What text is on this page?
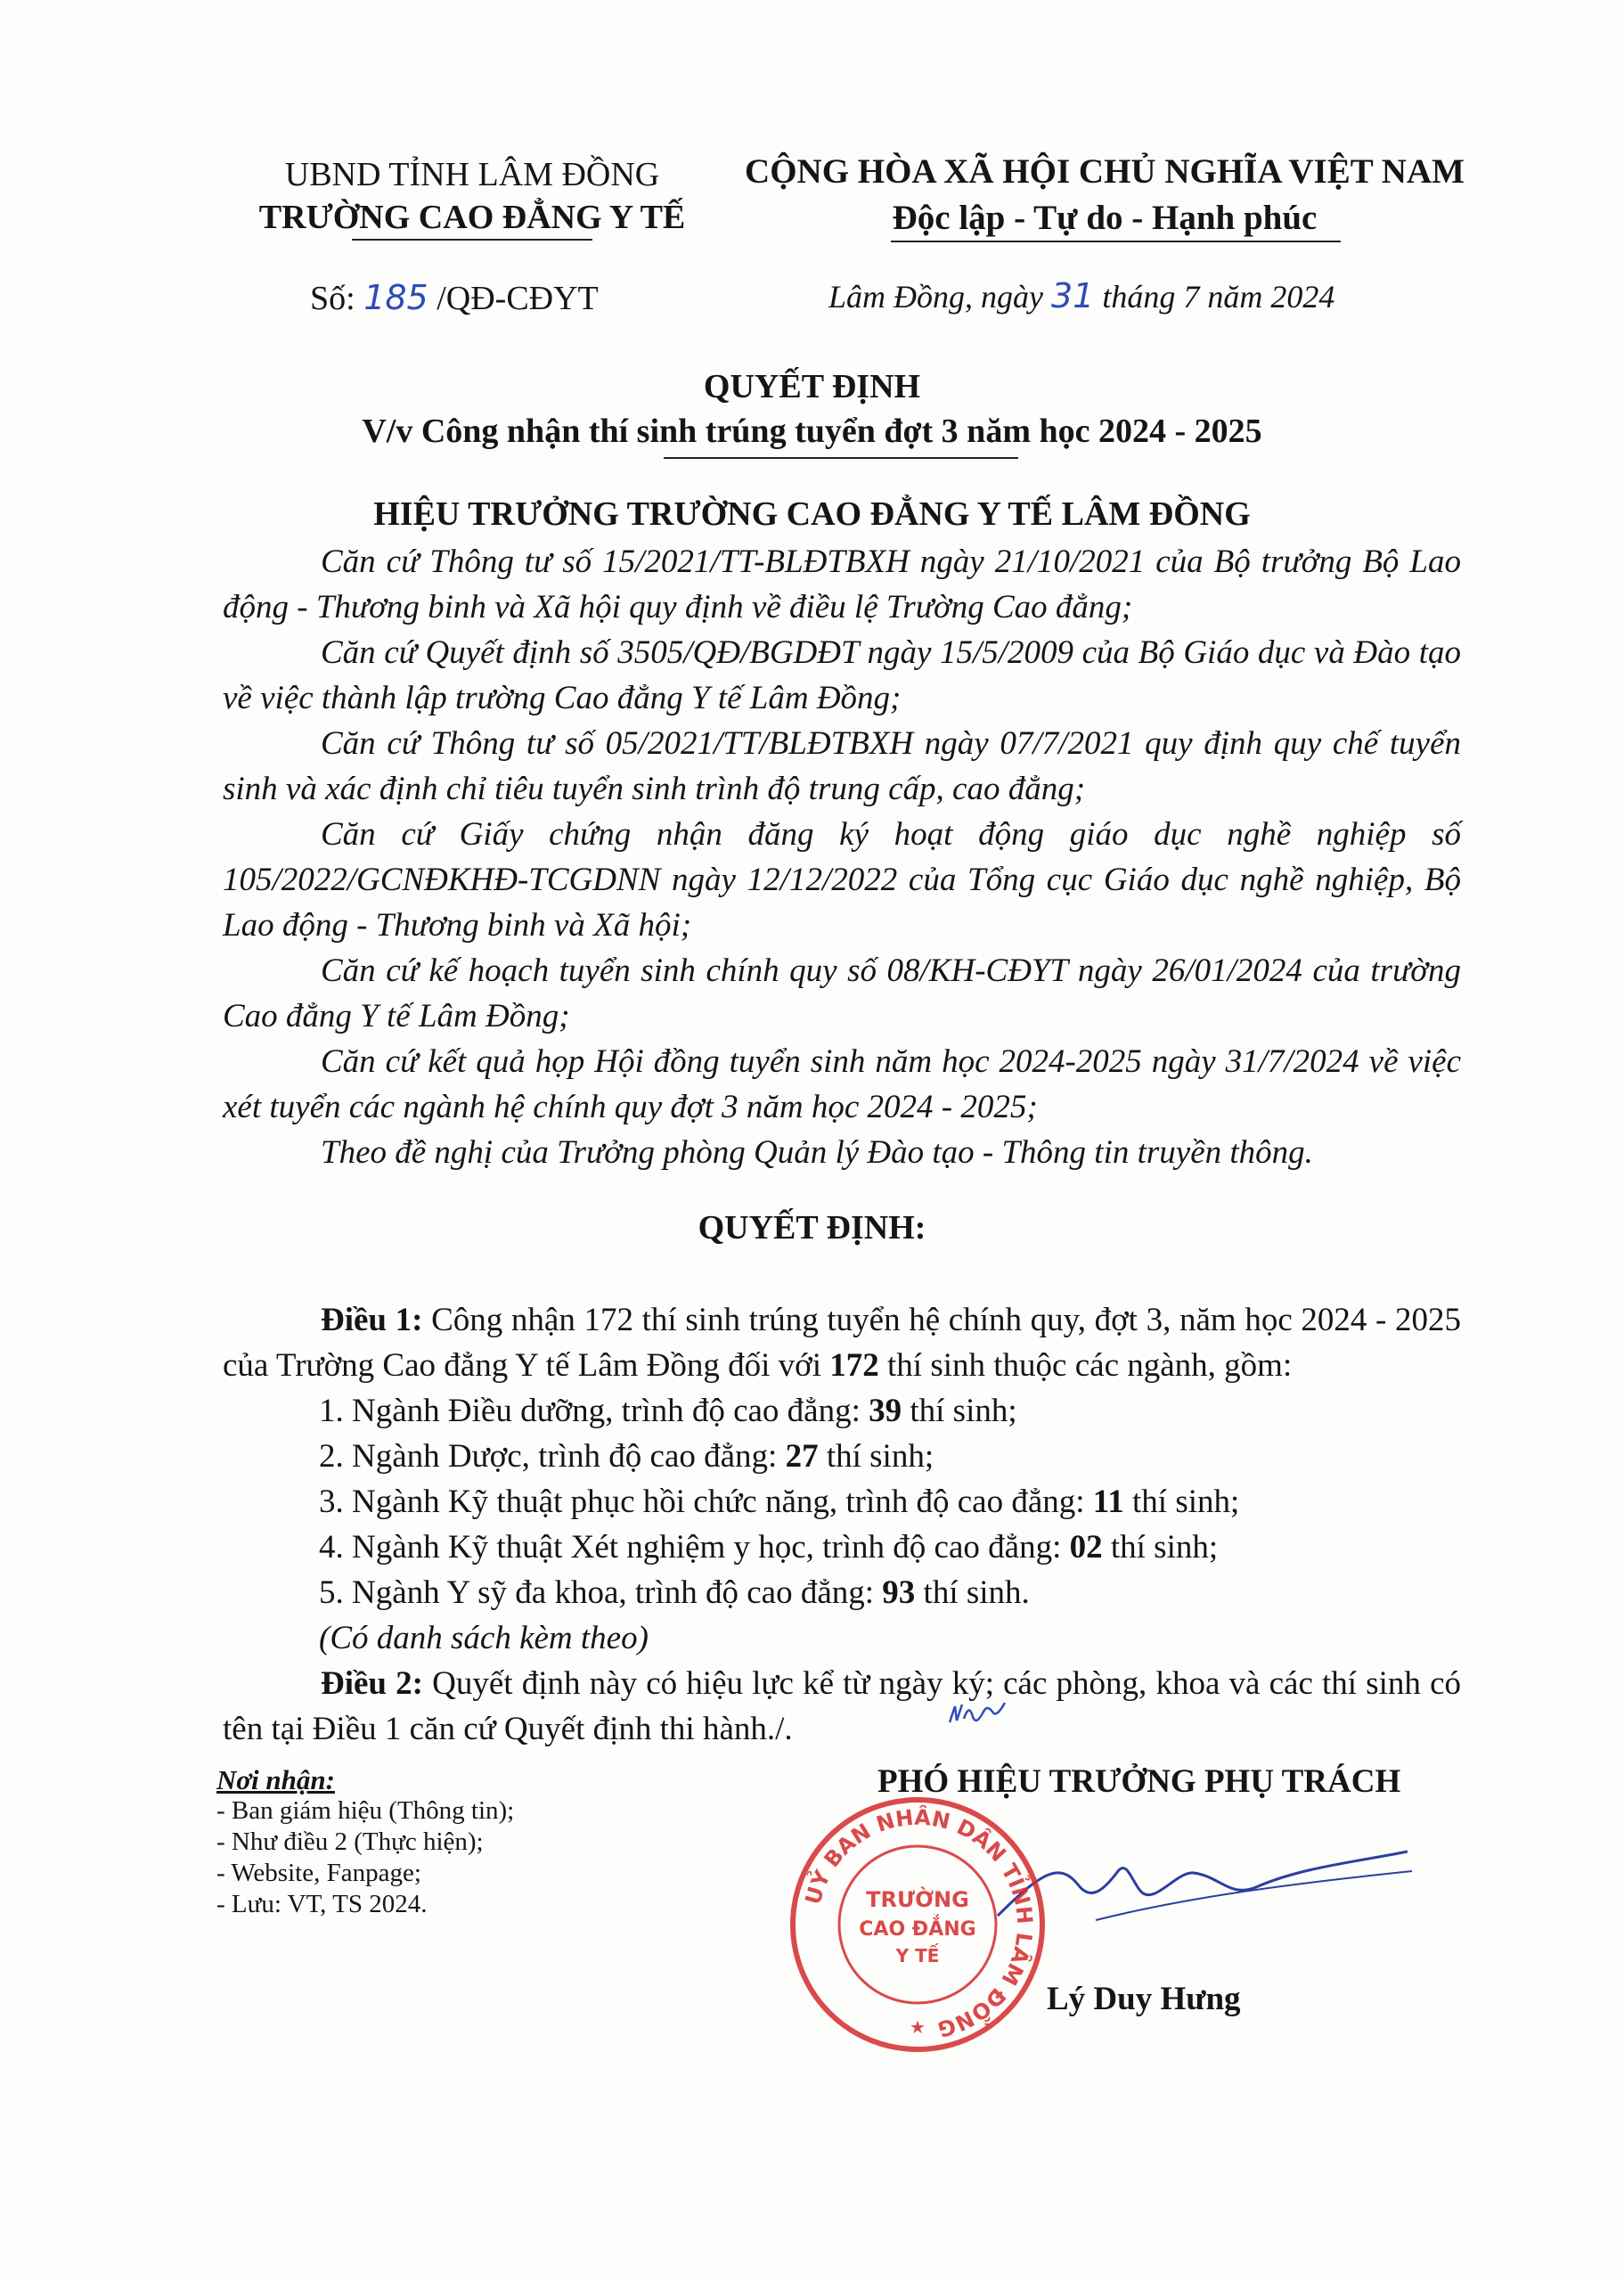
UBND TỈNH LÂM ĐỒNG
TRƯỜNG CAO ĐẲNG Y TẾ
CỘNG HÒA XÃ HỘI CHỦ NGHĨA VIỆT NAM
Độc lập - Tự do - Hạnh phúc
Số: 185 /QĐ-CĐYT	Lâm Đồng, ngày 31 tháng 7 năm 2024
QUYẾT ĐỊNH
V/v Công nhận thí sinh trúng tuyển đợt 3 năm học 2024 - 2025
HIỆU TRƯỞNG TRƯỜNG CAO ĐẲNG Y TẾ LÂM ĐỒNG

Căn cứ Thông tư số 15/2021/TT-BLĐTBXH ngày 21/10/2021 của Bộ trưởng Bộ Lao động - Thương binh và Xã hội quy định về điều lệ Trường Cao đẳng;

Căn cứ Quyết định số 3505/QĐ/BGDĐT ngày 15/5/2009 của Bộ Giáo dục và Đào tạo về việc thành lập trường Cao đẳng Y tế Lâm Đồng;

Căn cứ Thông tư số 05/2021/TT/BLĐTBXH ngày 07/7/2021 quy định quy chế tuyển sinh và xác định chỉ tiêu tuyển sinh trình độ trung cấp, cao đẳng;

Căn cứ Giấy chứng nhận đăng ký hoạt động giáo dục nghề nghiệp số 105/2022/GCNĐKHĐ-TCGDNN ngày 12/12/2022 của Tổng cục Giáo dục nghề nghiệp, Bộ Lao động - Thương binh và Xã hội;

Căn cứ kế hoạch tuyển sinh chính quy số 08/KH-CĐYT ngày 26/01/2024 của trường Cao đẳng Y tế Lâm Đồng;

Căn cứ kết quả họp Hội đồng tuyển sinh năm học 2024-2025 ngày 31/7/2024 về việc xét tuyển các ngành hệ chính quy đợt 3 năm học 2024 - 2025;

Theo đề nghị của Trưởng phòng Quản lý Đào tạo - Thông tin truyền thông.

QUYẾT ĐỊNH:

Điều 1: Công nhận 172 thí sinh trúng tuyển hệ chính quy, đợt 3, năm học 2024 - 2025 của Trường Cao đẳng Y tế Lâm Đồng đối với 172 thí sinh thuộc các ngành, gồm:

1. Ngành Điều dưỡng, trình độ cao đẳng: 39 thí sinh;

2. Ngành Dược, trình độ cao đẳng: 27 thí sinh;

3. Ngành Kỹ thuật phục hồi chức năng, trình độ cao đẳng: 11 thí sinh;

4. Ngành Kỹ thuật Xét nghiệm y học, trình độ cao đẳng: 02 thí sinh;

5. Ngành Y sỹ đa khoa, trình độ cao đẳng: 93 thí sinh.

(Có danh sách kèm theo)

Điều 2: Quyết định này có hiệu lực kể từ ngày ký; các phòng, khoa và các thí sinh có tên tại Điều 1 căn cứ Quyết định thi hành./.

Nơi nhận:
- Ban giám hiệu (Thông tin);
- Như điều 2 (Thực hiện);
- Website, Fanpage;
- Lưu: VT, TS 2024.
PHÓ HIỆU TRƯỞNG PHỤ TRÁCH
UỶ BAN NHÂN DÂN TỈNH LÂM ĐỒNG
TRƯỜNG
CAO ĐẲNG
Y TẾ
★
Lý Duy Hưng
